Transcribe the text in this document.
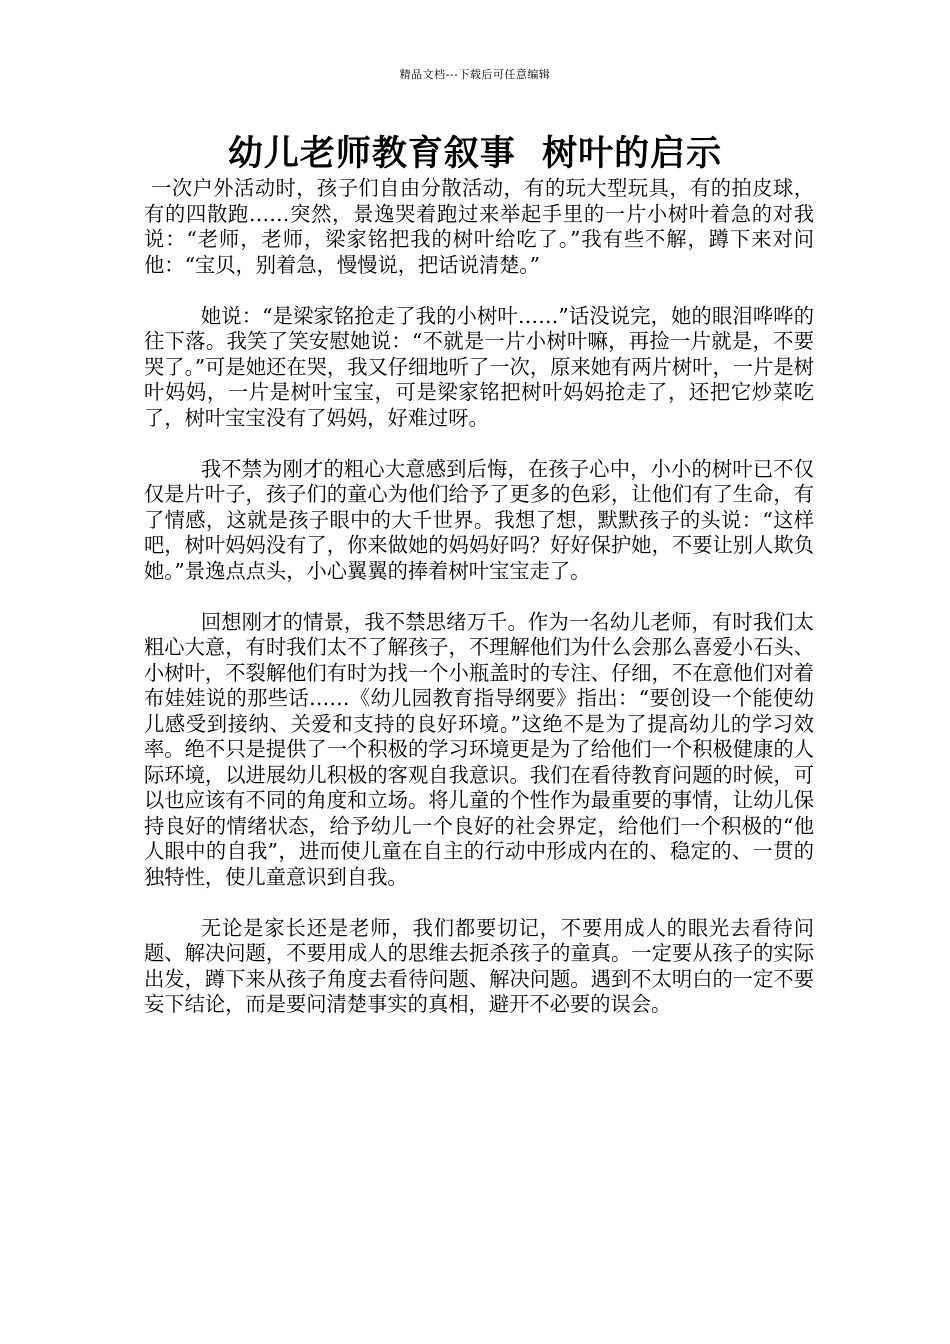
精品文档---下载后可任意编辑
幼儿老师教育叙事  树叶的启示

一次户外活动时，孩子们自由分散活动，有的玩大型玩具，有的拍皮球，有的四散跑……突然，景逸哭着跑过来举起手里的一片小树叶着急的对我说：“老师，老师，梁家铭把我的树叶给吃了。”我有些不解，蹲下来对问他：“宝贝，别着急，慢慢说，把话说清楚。”

她说：“是梁家铭抢走了我的小树叶……”话没说完，她的眼泪哗哗的往下落。我笑了笑安慰她说：“不就是一片小树叶嘛，再捡一片就是，不要哭了。”可是她还在哭，我又仔细地听了一次，原来她有两片树叶，一片是树叶妈妈，一片是树叶宝宝，可是梁家铭把树叶妈妈抢走了，还把它炒菜吃了，树叶宝宝没有了妈妈，好难过呀。

我不禁为刚才的粗心大意感到后悔，在孩子心中，小小的树叶已不仅仅是片叶子，孩子们的童心为他们给予了更多的色彩，让他们有了生命，有了情感，这就是孩子眼中的大千世界。我想了想，默默孩子的头说：“这样吧，树叶妈妈没有了，你来做她的妈妈好吗？好好保护她，不要让别人欺负她。”景逸点点头，小心翼翼的捧着树叶宝宝走了。

回想刚才的情景，我不禁思绪万千。作为一名幼儿老师，有时我们太粗心大意，有时我们太不了解孩子，不理解他们为什么会那么喜爱小石头、小树叶，不裂解他们有时为找一个小瓶盖时的专注、仔细，不在意他们对着布娃娃说的那些话……《幼儿园教育指导纲要》指出：“要创设一个能使幼儿感受到接纳、关爱和支持的良好环境。”这绝不是为了提高幼儿的学习效率。绝不只是提供了一个积极的学习环境更是为了给他们一个积极健康的人际环境，以进展幼儿积极的客观自我意识。我们在看待教育问题的时候，可以也应该有不同的角度和立场。将儿童的个性作为最重要的事情，让幼儿保持良好的情绪状态，给予幼儿一个良好的社会界定，给他们一个积极的“他人眼中的自我”，进而使儿童在自主的行动中形成内在的、稳定的、一贯的独特性，使儿童意识到自我。

无论是家长还是老师，我们都要切记，不要用成人的眼光去看待问题、解决问题，不要用成人的思维去扼杀孩子的童真。一定要从孩子的实际出发，蹲下来从孩子角度去看待问题、解决问题。遇到不太明白的一定不要妄下结论，而是要问清楚事实的真相，避开不必要的误会。
